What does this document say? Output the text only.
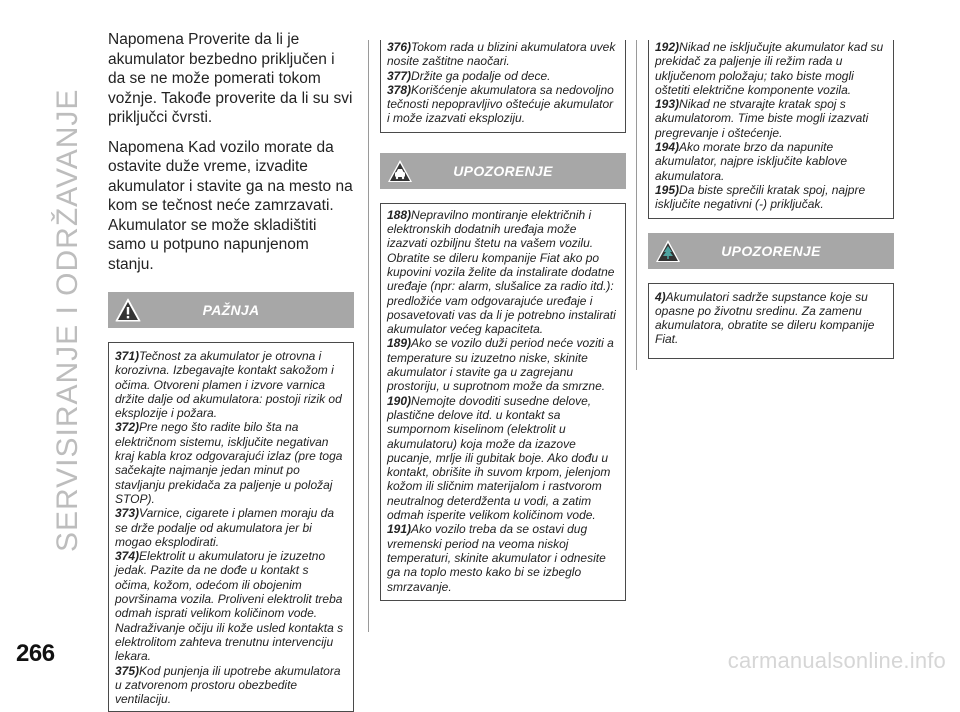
SERVISIRANJE I ODRŽAVANJE
266	carmanualsonline.info

Napomena Proverite da li je akumulator bezbedno priključen i da se ne može pomerati tokom vožnje. Takođe proverite da li su svi priključci čvrsti.

Napomena Kad vozilo morate da ostavite duže vreme, izvadite akumulator i stavite ga na mesto na kom se tečnost neće zamrzavati. Akumulator se može skladištiti samo u potpuno napunjenom stanju.

PAŽNJA

371)Tečnost za akumulator je otrovna i korozivna. Izbegavajte kontakt sakožom i očima. Otvoreni plamen i izvore varnica držite dalje od akumulatora: postoji rizik od eksplozije i požara.

372)Pre nego što radite bilo šta na električnom sistemu, isključite negativan kraj kabla kroz odgovarajući izlaz (pre toga sačekajte najmanje jedan minut po stavljanju prekidača za paljenje u položaj STOP).

373)Varnice, cigarete i plamen moraju da se drže podalje od akumulatora jer bi mogao eksplodirati.

374)Elektrolit u akumulatoru je izuzetno jedak. Pazite da ne dođe u kontakt s očima, kožom, odećom ili obojenim površinama vozila. Proliveni elektrolit treba odmah isprati velikom količinom vode. Nadraživanje očiju ili kože usled kontakta s elektrolitom zahteva trenutnu intervenciju lekara.

375)Kod punjenja ili upotrebe akumulatora u zatvorenom prostoru obezbedite ventilaciju.

376)Tokom rada u blizini akumulatora uvek nosite zaštitne naočari.

377)Držite ga podalje od dece.

378)Korišćenje akumulatora sa nedovoljno tečnosti nepopravljivo oštećuje akumulator i može izazvati eksploziju.

UPOZORENJE

188)Nepravilno montiranje električnih i elektronskih dodatnih uređaja može izazvati ozbiljnu štetu na vašem vozilu. Obratite se dileru kompanije Fiat ako po kupovini vozila želite da instalirate dodatne uređaje (npr: alarm, slušalice za radio itd.): predložiće vam odgovarajuće uređaje i posavetovati vas da li je potrebno instalirati akumulator većeg kapaciteta.

189)Ako se vozilo duži period neće voziti a temperature su izuzetno niske, skinite akumulator i stavite ga u zagrejanu prostoriju, u suprotnom može da smrzne.

190)Nemojte dovoditi susedne delove, plastične delove itd. u kontakt sa sumpornom kiselinom (elektrolit u akumulatoru) koja može da izazove pucanje, mrlje ili gubitak boje. Ako dođu u kontakt, obrišite ih suvom krpom, jelenjom kožom ili sličnim materijalom i rastvorom neutralnog deterdženta u vodi, a zatim odmah isperite velikom količinom vode.

191)Ako vozilo treba da se ostavi dug vremenski period na veoma niskoj temperaturi, skinite akumulator i odnesite ga na toplo mesto kako bi se izbeglo smrzavanje.

192)Nikad ne isključujte akumulator kad su prekidač za paljenje ili režim rada u uključenom položaju; tako biste mogli oštetiti električne komponente vozila.

193)Nikad ne stvarajte kratak spoj s akumulatorom. Time biste mogli izazvati pregrevanje i oštećenje.

194)Ako morate brzo da napunite akumulator, najpre isključite kablove akumulatora.

195)Da biste sprečili kratak spoj, najpre isključite negativni (-) priključak.

UPOZORENJE

4)Akumulatori sadrže supstance koje su opasne po životnu sredinu. Za zamenu akumulatora, obratite se dileru kompanije Fiat.
